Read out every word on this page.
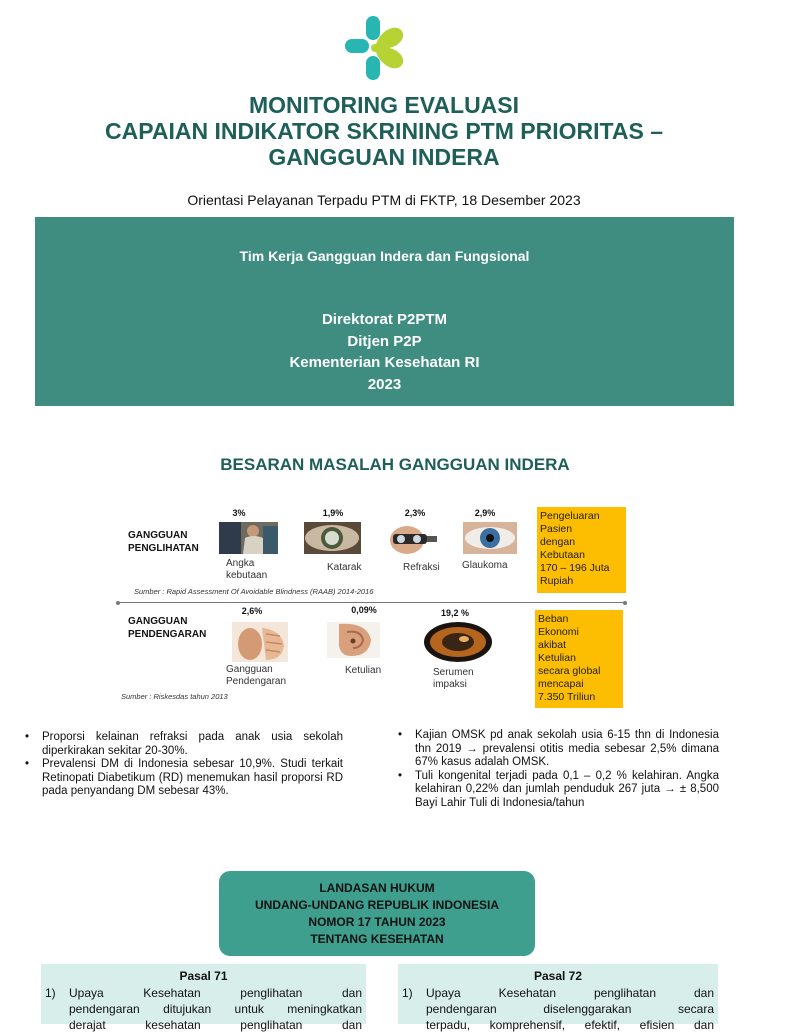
MONITORING EVALUASI
CAPAIAN INDIKATOR SKRINING PTM PRIORITAS –
GANGGUAN INDERA
Orientasi Pelayanan Terpadu PTM di FKTP, 18 Desember 2023
Tim Kerja Gangguan Indera dan Fungsional
Direktorat P2PTM
Ditjen P2P
Kementerian Kesehatan RI
2023
BESARAN MASALAH GANGGUAN INDERA
GANGGUAN
PENGLIHATAN
3%
Angka
kebutaan
1,9%
Katarak
2,3%
Refraksi
2,9%
Glaukoma
Sumber : Rapid Assessment Of Avoidable Blindness (RAAB) 2014-2016
Pengeluaran
Pasien
dengan
Kebutaan
170 – 196 Juta
Rupiah
GANGGUAN
PENDENGARAN
2,6%
Gangguan
Pendengaran
0,09%
Ketulian
19,2 %
Serumen
impaksi
Sumber : Riskesdas tahun 2013
Beban
Ekonomi
akibat
Ketulian
secara global
mencapai
7.350 Triliun
• Proporsi kelainan refraksi pada anak usia sekolah diperkirakan sekitar 20-30%.
• Prevalensi DM di Indonesia sebesar 10,9%. Studi terkait Retinopati Diabetikum (RD) menemukan hasil proporsi RD pada penyandang DM sebesar 43%.
• Kajian OMSK pd anak sekolah usia 6-15 thn di Indonesia thn 2019 → prevalensi otitis media sebesar 2,5% dimana 67% kasus adalah OMSK.
• Tuli kongenital terjadi pada 0,1 – 0,2 % kelahiran. Angka kelahiran 0,22% dan jumlah penduduk 267 juta → ± 8,500 Bayi Lahir Tuli di Indonesia/tahun
LANDASAN HUKUM
UNDANG-UNDANG REPUBLIK INDONESIA
NOMOR 17 TAHUN 2023
TENTANG KESEHATAN
Pasal 71
1)	Upaya Kesehatan penglihatan dan
pendengaran ditujukan untuk meningkatkan
derajat kesehatan penglihatan dan
Pasal 72
1)	Upaya Kesehatan penglihatan dan
pendengaran diselenggarakan secara
terpadu, komprehensif, efektif, efisien dan
